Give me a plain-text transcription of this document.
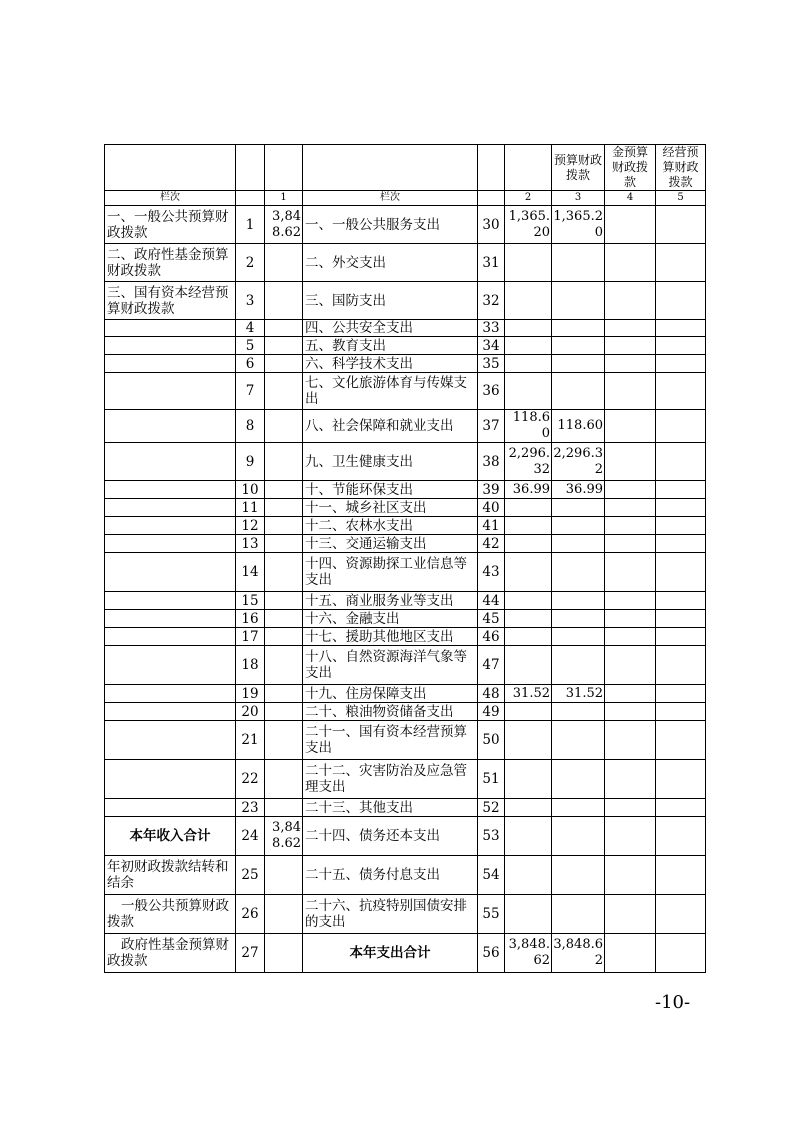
						预算财政拨款	金预算财政拨款	经营预算财政拨款
栏次		1	栏次		2	3	4	5
一、一般公共预算财政拨款	1	3,848.62	一、一般公共服务支出	30	1,365.20	1,365.20		
二、政府性基金预算财政拨款	2		二、外交支出	31				
三、国有资本经营预算财政拨款	3		三、国防支出	32				
	4		四、公共安全支出	33				
	5		五、教育支出	34				
	6		六、科学技术支出	35				
	7		七、文化旅游体育与传媒支出	36				
	8		八、社会保障和就业支出	37	118.60	118.60		
	9		九、卫生健康支出	38	2,296.32	2,296.32		
	10		十、节能环保支出	39	36.99	36.99		
	11		十一、城乡社区支出	40				
	12		十二、农林水支出	41				
	13		十三、交通运输支出	42				
	14		十四、资源勘探工业信息等支出	43				
	15		十五、商业服务业等支出	44				
	16		十六、金融支出	45				
	17		十七、援助其他地区支出	46				
	18		十八、自然资源海洋气象等支出	47				
	19		十九、住房保障支出	48	31.52	31.52		
	20		二十、粮油物资储备支出	49				
	21		二十一、国有资本经营预算支出	50				
	22		二十二、灾害防治及应急管理支出	51				
	23		二十三、其他支出	52				
本年收入合计	24	3,848.62	二十四、债务还本支出	53				
年初财政拨款结转和结余	25		二十五、债务付息支出	54				
一般公共预算财政拨款	26		二十六、抗疫特别国债安排的支出	55				
政府性基金预算财政拨款	27		本年支出合计	56	3,848.62	3,848.62		
-10-
